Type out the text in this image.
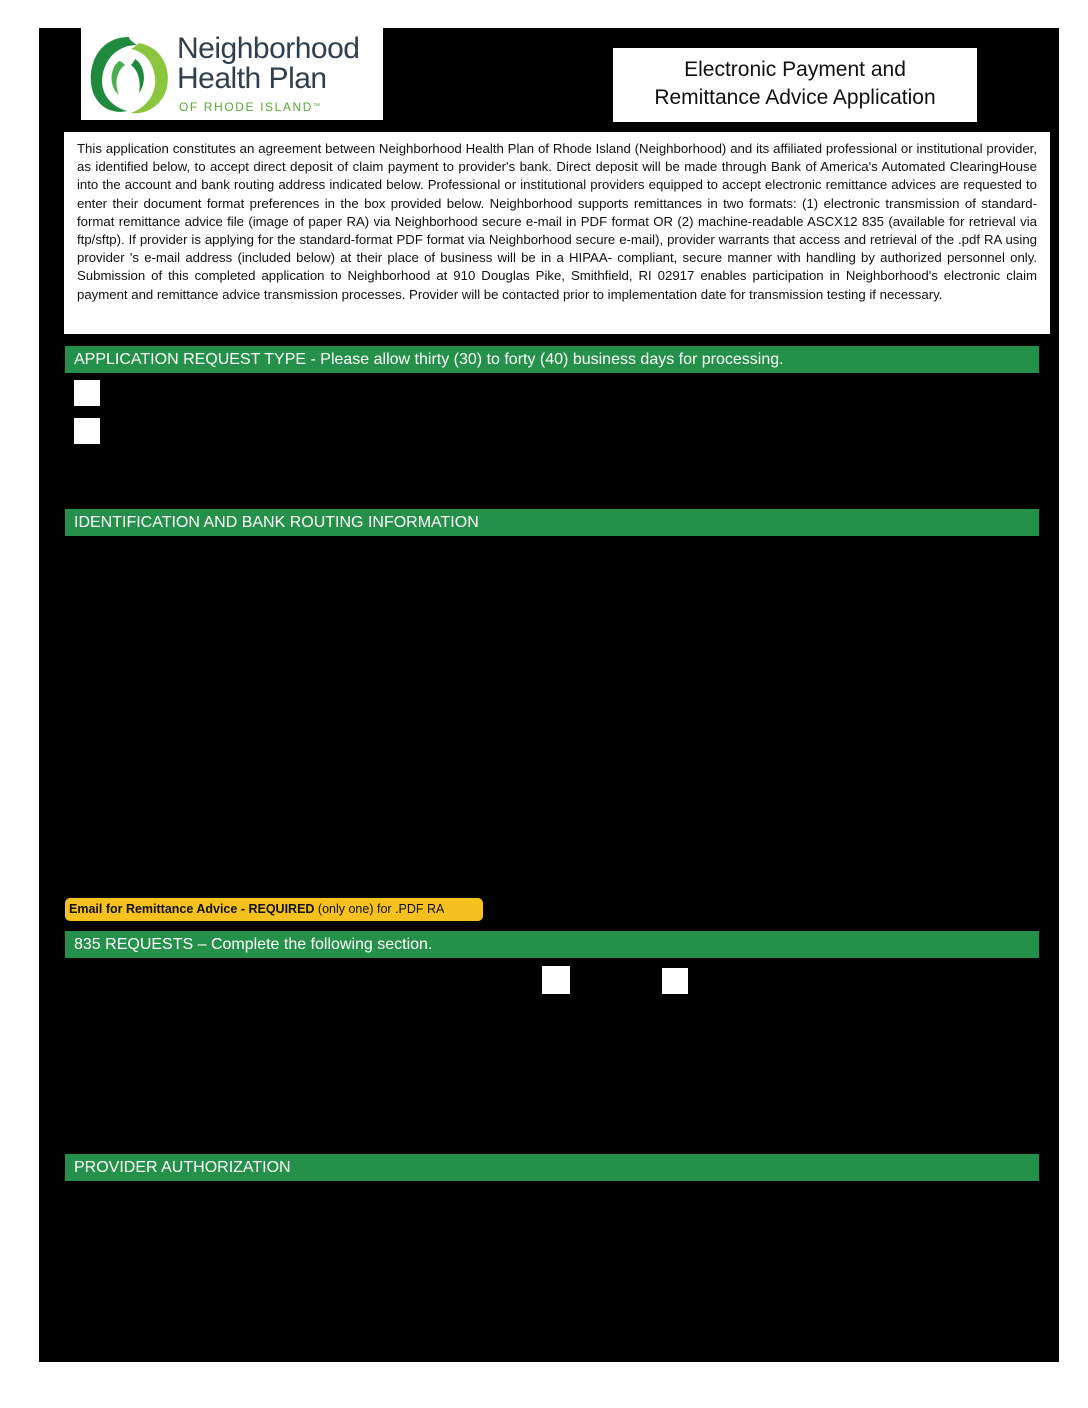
Neighborhood
Health Plan
OF RHODE ISLAND™
Electronic Payment and
Remittance Advice Application

This application constitutes an agreement between Neighborhood Health Plan of Rhode Island (Neighborhood) and its affiliated professional or institutional provider, as identified below, to accept direct deposit of claim payment to provider's bank. Direct deposit will be made through Bank of America's Automated ClearingHouse into the account and bank routing address indicated below. Professional or institutional providers equipped to accept electronic remittance advices are requested to enter their document format preferences in the box provided below. Neighborhood supports remittances in two formats: (1) electronic transmission of standard-format remittance advice file (image of paper RA) via Neighborhood secure e-mail in PDF format OR (2) machine-readable ASCX12 835 (available for retrieval via ftp/sftp). If provider is applying for the standard-format PDF format via Neighborhood secure e-mail), provider warrants that access and retrieval of the .pdf RA using provider 's e-mail address (included below) at their place of business will be in a HIPAA- compliant, secure manner with handling by authorized personnel only. Submission of this completed application to Neighborhood at 910 Douglas Pike, Smithfield, RI 02917 enables participation in Neighborhood's electronic claim payment and remittance advice transmission processes. Provider will be contacted prior to implementation date for transmission testing if necessary.

APPLICATION REQUEST TYPE - Please allow thirty (30) to forty (40) business days for processing.
IDENTIFICATION AND BANK ROUTING INFORMATION
Email for Remittance Advice - REQUIRED (only one) for .PDF RA
835 REQUESTS – Complete the following section.
PROVIDER AUTHORIZATION
